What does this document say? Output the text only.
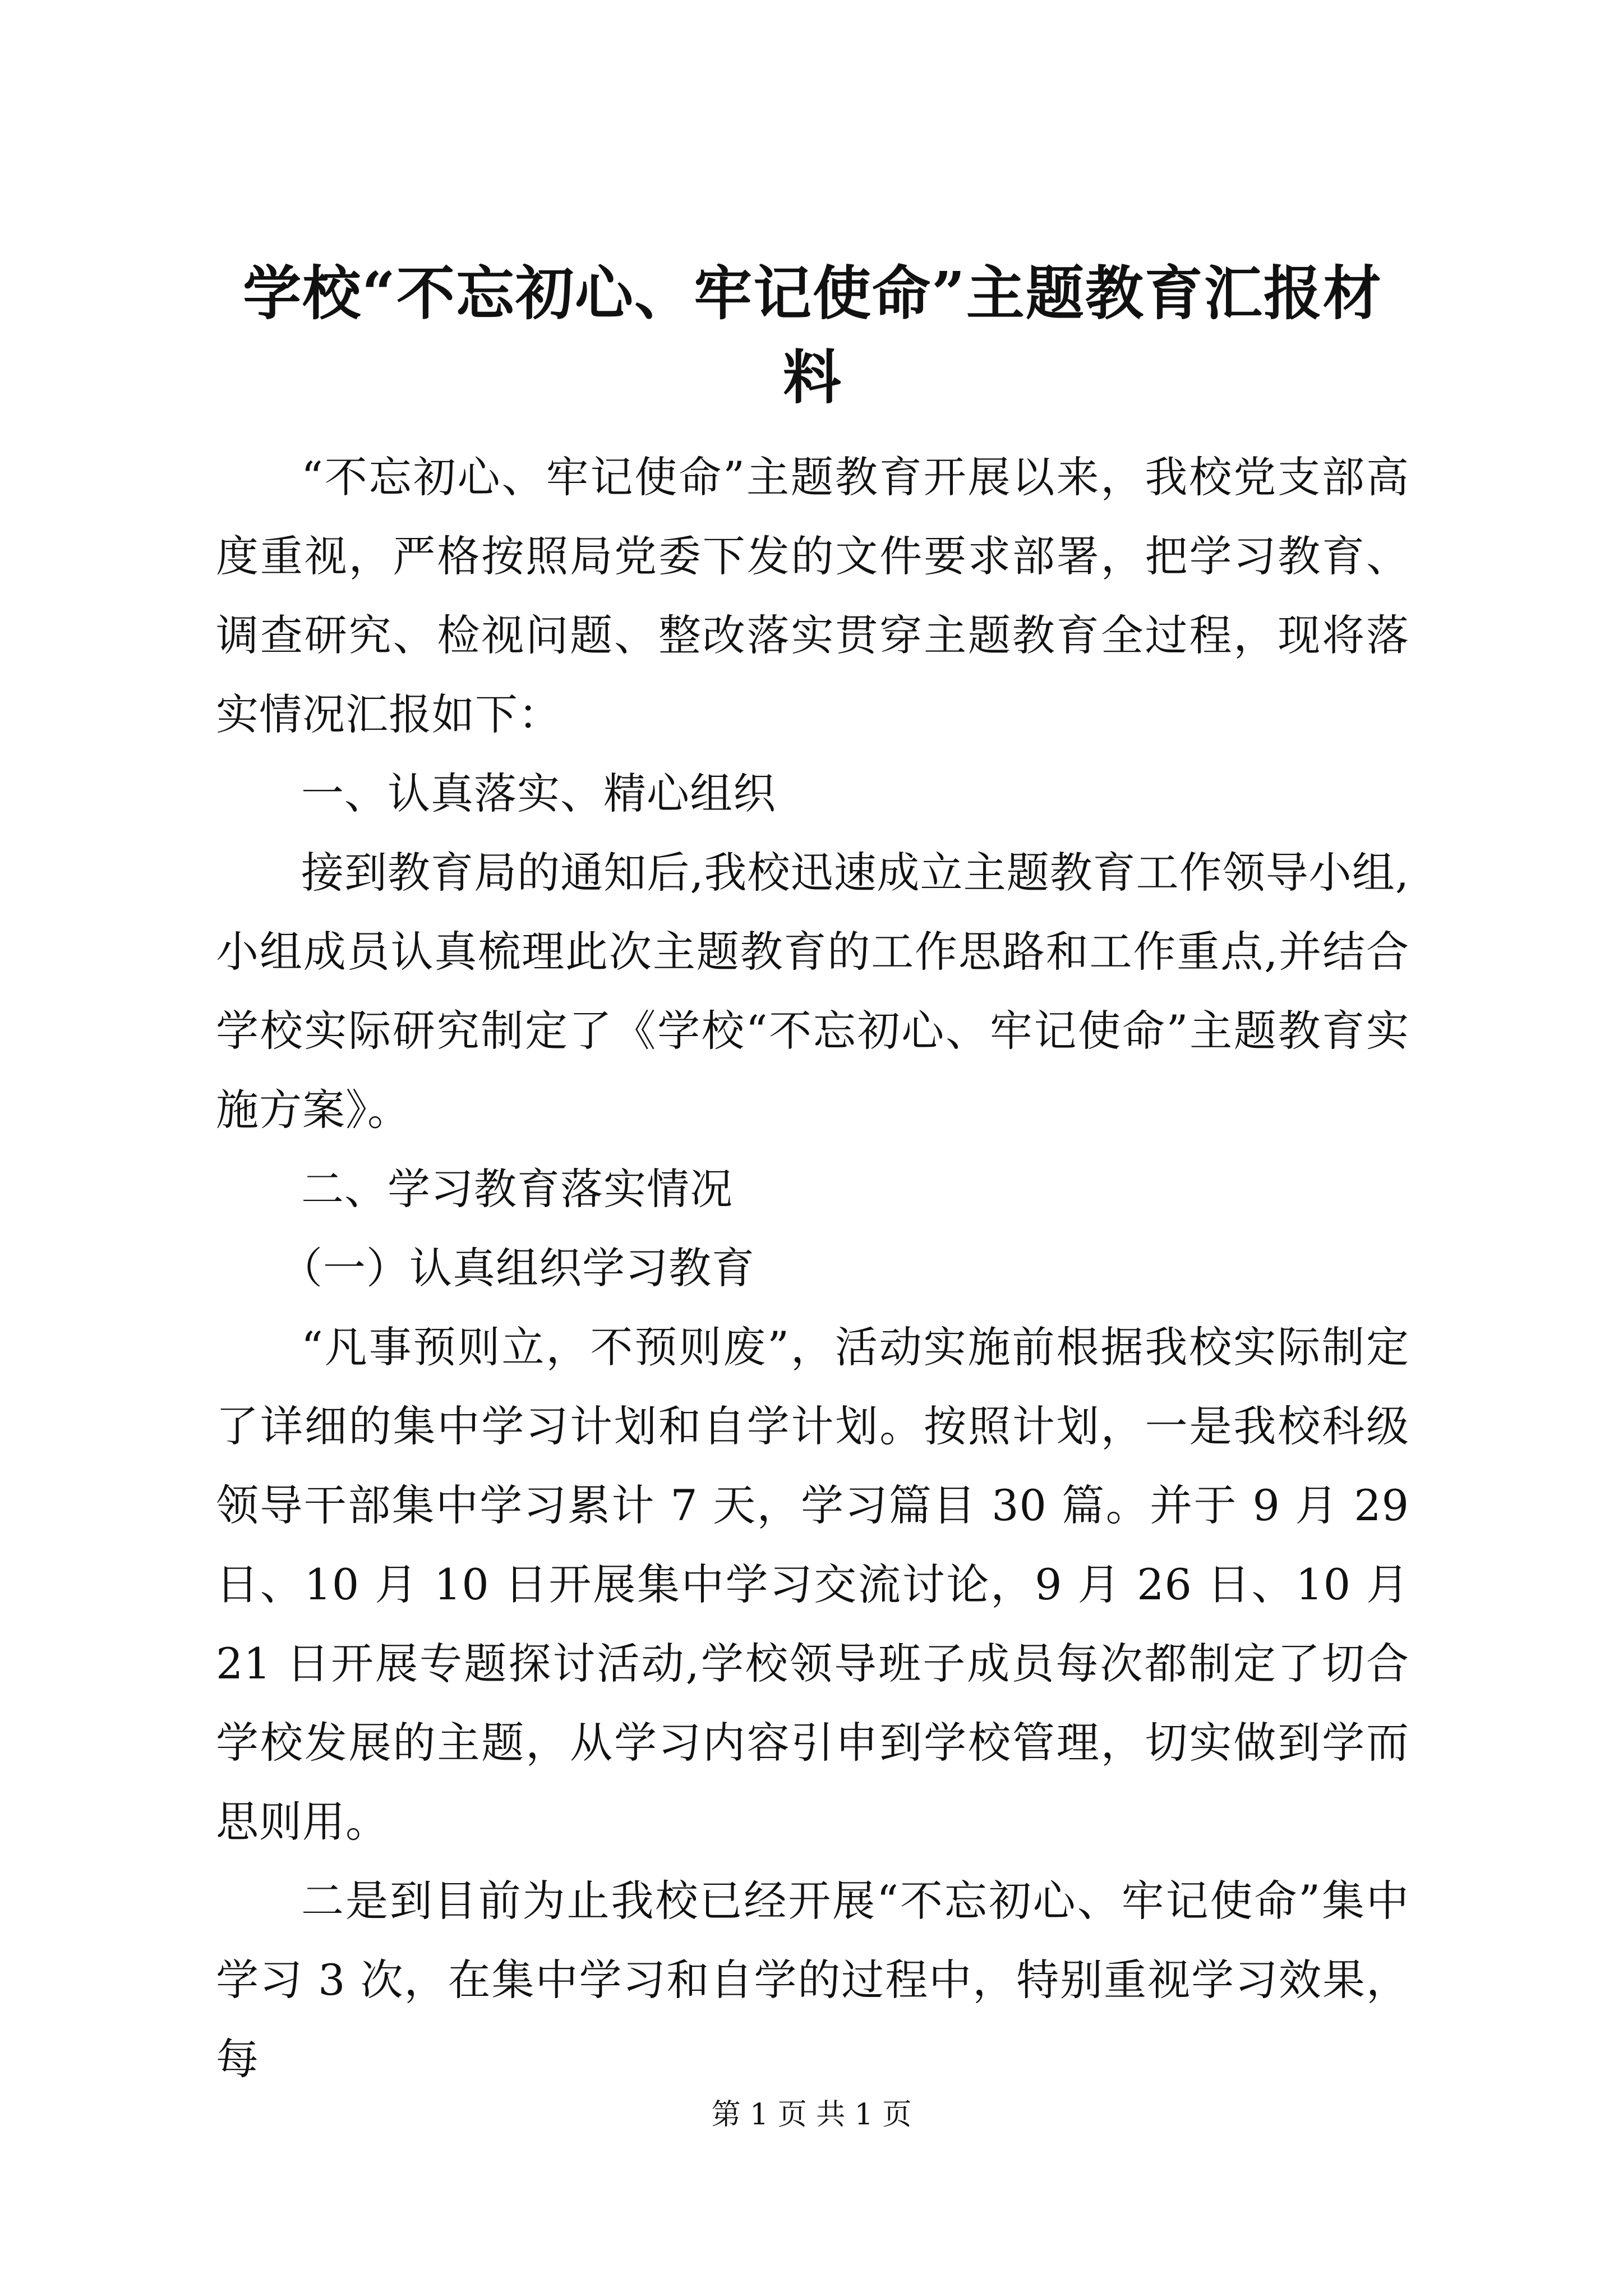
学校“不忘初心、牢记使命”主题教育汇报材料

“不忘初心、牢记使命”主题教育开展以来，我校党支部高度重视，严格按照局党委下发的文件要求部署，把学习教育、调查研究、检视问题、整改落实贯穿主题教育全过程，现将落实情况汇报如下：

一、认真落实、精心组织

接到教育局的通知后,我校迅速成立主题教育工作领导小组,小组成员认真梳理此次主题教育的工作思路和工作重点,并结合学校实际研究制定了《学校“不忘初心、牢记使命”主题教育实施方案》。

二、学习教育落实情况

（一）认真组织学习教育

“凡事预则立，不预则废”，活动实施前根据我校实际制定了详细的集中学习计划和自学计划。按照计划，一是我校科级领导干部集中学习累计 7 天，学习篇目 30 篇。并于 9 月 29 日、10 月 10 日开展集中学习交流讨论，9 月 26 日、10 月 21 日开展专题探讨活动,学校领导班子成员每次都制定了切合学校发展的主题，从学习内容引申到学校管理，切实做到学而思则用。

二是到目前为止我校已经开展“不忘初心、牢记使命”集中学习 3 次，在集中学习和自学的过程中，特别重视学习效果，每

第 1 页 共 1 页
